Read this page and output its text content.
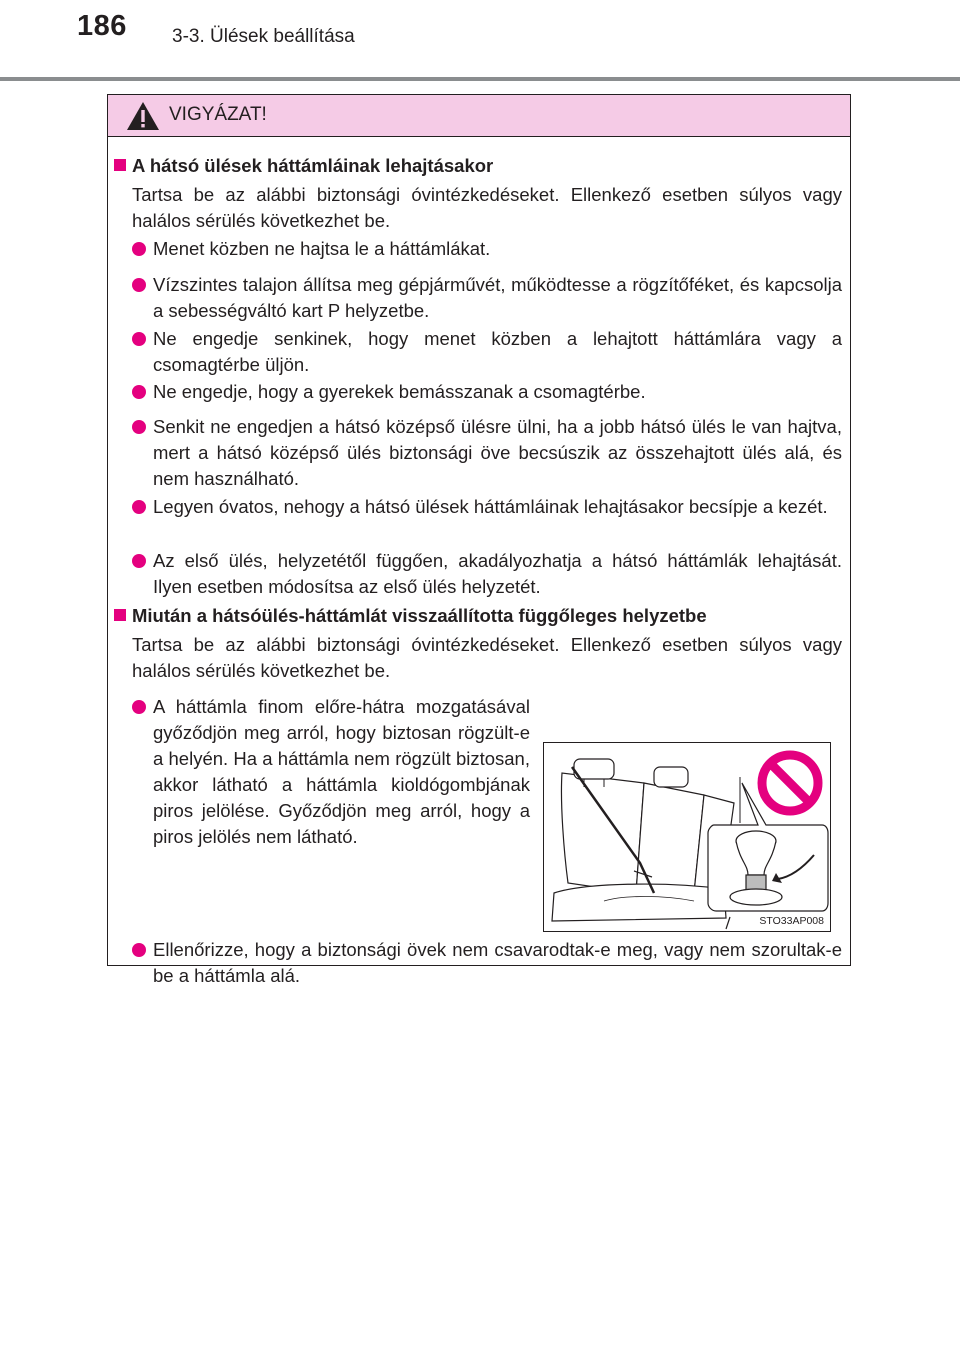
186 3-3. Ülések beállítása
VIGYÁZAT!
A hátsó ülések háttámláinak lehajtásakor
Tartsa be az alábbi biztonsági óvintézkedéseket. Ellenkező esetben súlyos vagy halálos sérülés következhet be.
Menet közben ne hajtsa le a háttámlákat.
Vízszintes talajon állítsa meg gépjárművét, működtesse a rögzítőféket, és kapcsolja a sebességváltó kart P helyzetbe.
Ne engedje senkinek, hogy menet közben a lehajtott háttámlára vagy a csomagtérbe üljön.
Ne engedje, hogy a gyerekek bemásszanak a csomagtérbe.
Senkit ne engedjen a hátsó középső ülésre ülni, ha a jobb hátsó ülés le van hajtva, mert a hátsó középső ülés biztonsági öve becsúszik az összehajtott ülés alá, és nem használható.
Legyen óvatos, nehogy a hátsó ülések háttámláinak lehajtásakor becsípje a kezét.
Az első ülés, helyzetétől függően, akadályozhatja a hátsó háttámlák lehajtását. Ilyen esetben módosítsa az első ülés helyzetét.
Miután a hátsóülés-háttámlát visszaállította függőleges helyzetbe
Tartsa be az alábbi biztonsági óvintézkedéseket. Ellenkező esetben súlyos vagy halálos sérülés következhet be.
A háttámla finom előre-hátra mozgatásával győződjön meg arról, hogy biztosan rögzült-e a helyén. Ha a háttámla nem rögzült biztosan, akkor látható a háttámla kioldógombjának piros jelölése. Győződjön meg arról, hogy a piros jelölés nem látható.
STO33AP008
Ellenőrizze, hogy a biztonsági övek nem csavarodtak-e meg, vagy nem szorultak-e be a háttámla alá.
